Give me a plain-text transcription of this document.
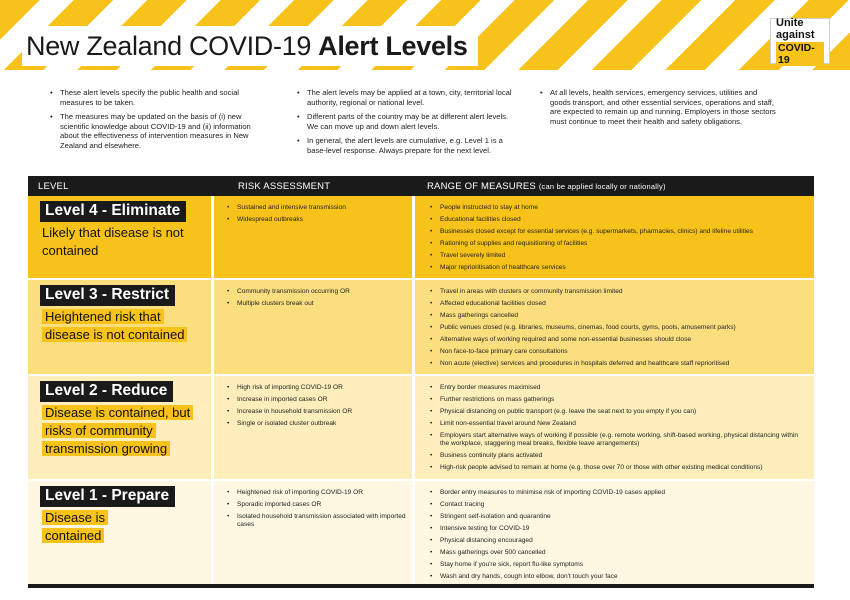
New Zealand COVID-19 Alert Levels
Unite
against
COVID-19
• These alert levels specify the public health and social measures to be taken.
• The measures may be updated on the basis of (i) new scientific knowledge about COVID-19 and (ii) information about the effectiveness of intervention measures in New Zealand and elsewhere.
• The alert levels may be applied at a town, city, territorial local authority, regional or national level.
• Different parts of the country may be at different alert levels. We can move up and down alert levels.
• In general, the alert levels are cumulative, e.g. Level 1 is a base-level response. Always prepare for the next level.
• At all levels, health services, emergency services, utilities and goods transport, and other essential services, operations and staff, are expected to remain up and running. Employers in those sectors must continue to meet their health and safety obligations.
LEVEL	RISK ASSESSMENT	RANGE OF MEASURES (can be applied locally or nationally)
Level 4 - Eliminate
Likely that disease is not contained
• Sustained and intensive transmission
• Widespread outbreaks
• People instructed to stay at home
• Educational facilities closed
• Businesses closed except for essential services (e.g. supermarkets, pharmacies, clinics) and lifeline utilities
• Rationing of supplies and requisitioning of facilities
• Travel severely limited
• Major reprioritisation of healthcare services
Level 3 - Restrict
Heightened risk that disease is not contained
• Community transmission occurring OR
• Multiple clusters break out
• Travel in areas with clusters or community transmission limited
• Affected educational facilities closed
• Mass gatherings cancelled
• Public venues closed (e.g. libraries, museums, cinemas, food courts, gyms, pools, amusement parks)
• Alternative ways of working required and some non-essential businesses should close
• Non face-to-face primary care consultations
• Non acute (elective) services and procedures in hospitals deferred and healthcare staff reprioritised
Level 2 - Reduce
Disease is contained, but risks of community transmission growing
• High risk of importing COVID-19 OR
• Increase in imported cases OR
• Increase in household transmission OR
• Single or isolated cluster outbreak
• Entry border measures maximised
• Further restrictions on mass gatherings
• Physical distancing on public transport (e.g. leave the seat next to you empty if you can)
• Limit non-essential travel around New Zealand
• Employers start alternative ways of working if possible (e.g. remote working, shift-based working, physical distancing within the workplace, staggering meal breaks, flexible leave arrangements)
• Business continuity plans activated
• High-risk people advised to remain at home (e.g. those over 70 or those with other existing medical conditions)
Level 1 - Prepare
Disease is contained
• Heightened risk of importing COVID-19 OR
• Sporadic imported cases OR
• Isolated household transmission associated with imported cases
• Border entry measures to minimise risk of importing COVID-19 cases applied
• Contact tracing
• Stringent self-isolation and quarantine
• Intensive testing for COVID-19
• Physical distancing encouraged
• Mass gatherings over 500 cancelled
• Stay home if you're sick, report flu-like symptoms
• Wash and dry hands, cough into elbow, don't touch your face
